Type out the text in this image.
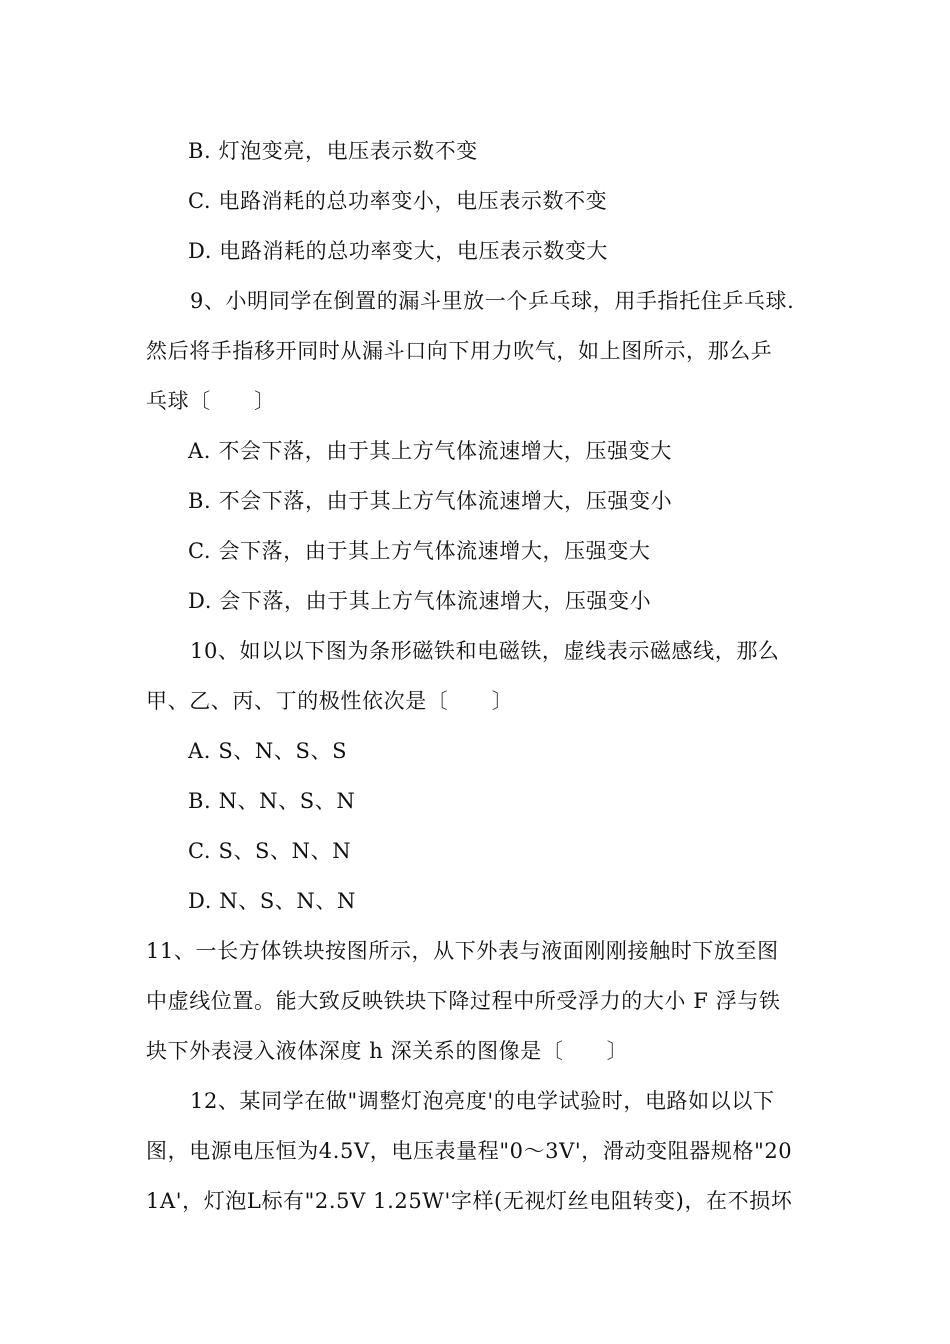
B. 灯泡变亮，电压表示数不变
C. 电路消耗的总功率变小，电压表示数不变
D. 电路消耗的总功率变大，电压表示数变大
9、小明同学在倒置的漏斗里放一个乒乓球，用手指托住乒乓球.
然后将手指移开同时从漏斗口向下用力吹气，如上图所示，那么乒
乓球〔　　〕
A. 不会下落，由于其上方气体流速增大，压强变大
B. 不会下落，由于其上方气体流速增大，压强变小
C. 会下落，由于其上方气体流速增大，压强变大
D. 会下落，由于其上方气体流速增大，压强变小
10、如以以下图为条形磁铁和电磁铁，虚线表示磁感线，那么
甲、乙、丙、丁的极性依次是〔　　〕
A. S、N、S、S
B. N、N、S、N
C. S、S、N、N
D. N、S、N、N
11、一长方体铁块按图所示，从下外表与液面刚刚接触时下放至图
中虚线位置。能大致反映铁块下降过程中所受浮力的大小 F 浮与铁
块下外表浸入液体深度 h 深关系的图像是〔　　〕
12、某同学在做"调整灯泡亮度'的电学试验时，电路如以以下
图，电源电压恒为4.5V，电压表量程"0～3V'，滑动变阻器规格"20
1A'，灯泡L标有"2.5V 1.25W'字样(无视灯丝电阻转变)，在不损坏
